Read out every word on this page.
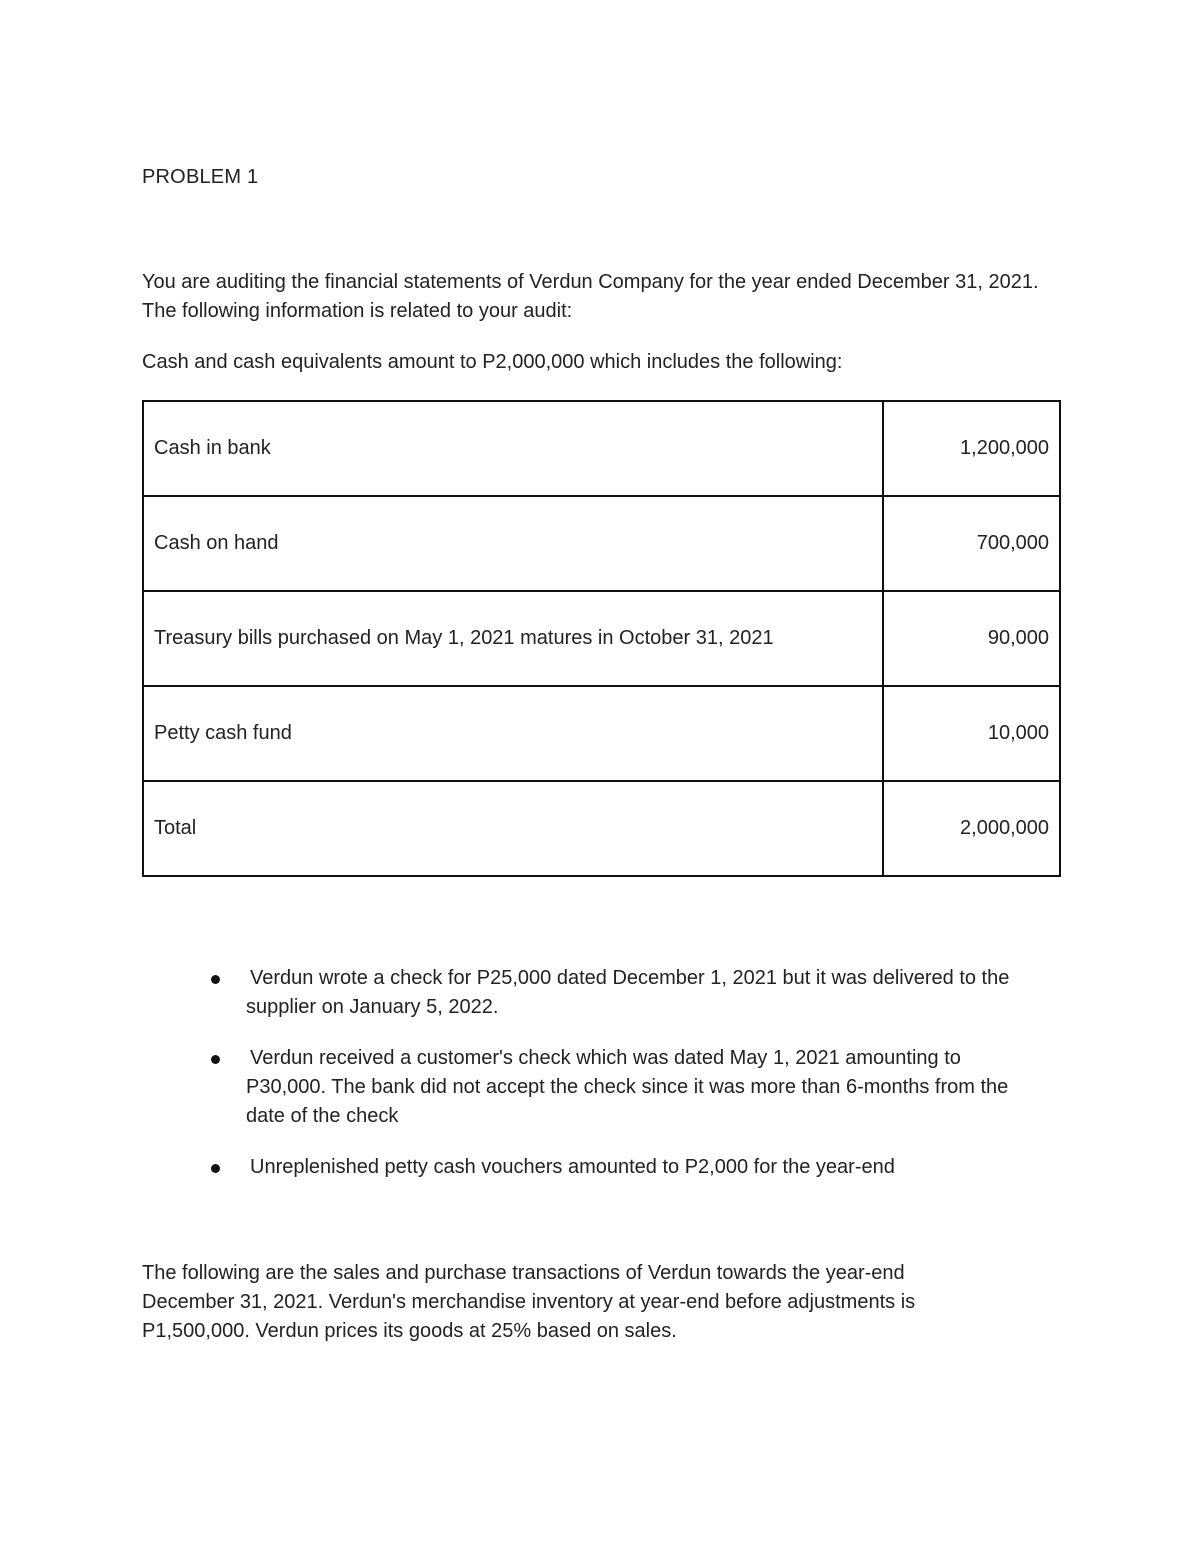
PROBLEM 1

You are auditing the financial statements of Verdun Company for the year ended December 31, 2021. The following information is related to your audit:

Cash and cash equivalents amount to P2,000,000 which includes the following:

Cash in bank	1,200,000
Cash on hand	700,000
Treasury bills purchased on May 1, 2021 matures in October 31, 2021	90,000
Petty cash fund	10,000
Total	2,000,000
Verdun wrote a check for P25,000 dated December 1, 2021 but it was delivered to the supplier on January 5, 2022.
Verdun received a customer's check which was dated May 1, 2021 amounting to P30,000. The bank did not accept the check since it was more than 6-months from the date of the check
Unreplenished petty cash vouchers amounted to P2,000 for the year-end

The following are the sales and purchase transactions of Verdun towards the year-end December 31, 2021. Verdun's merchandise inventory at year-end before adjustments is P1,500,000. Verdun prices its goods at 25% based on sales.
